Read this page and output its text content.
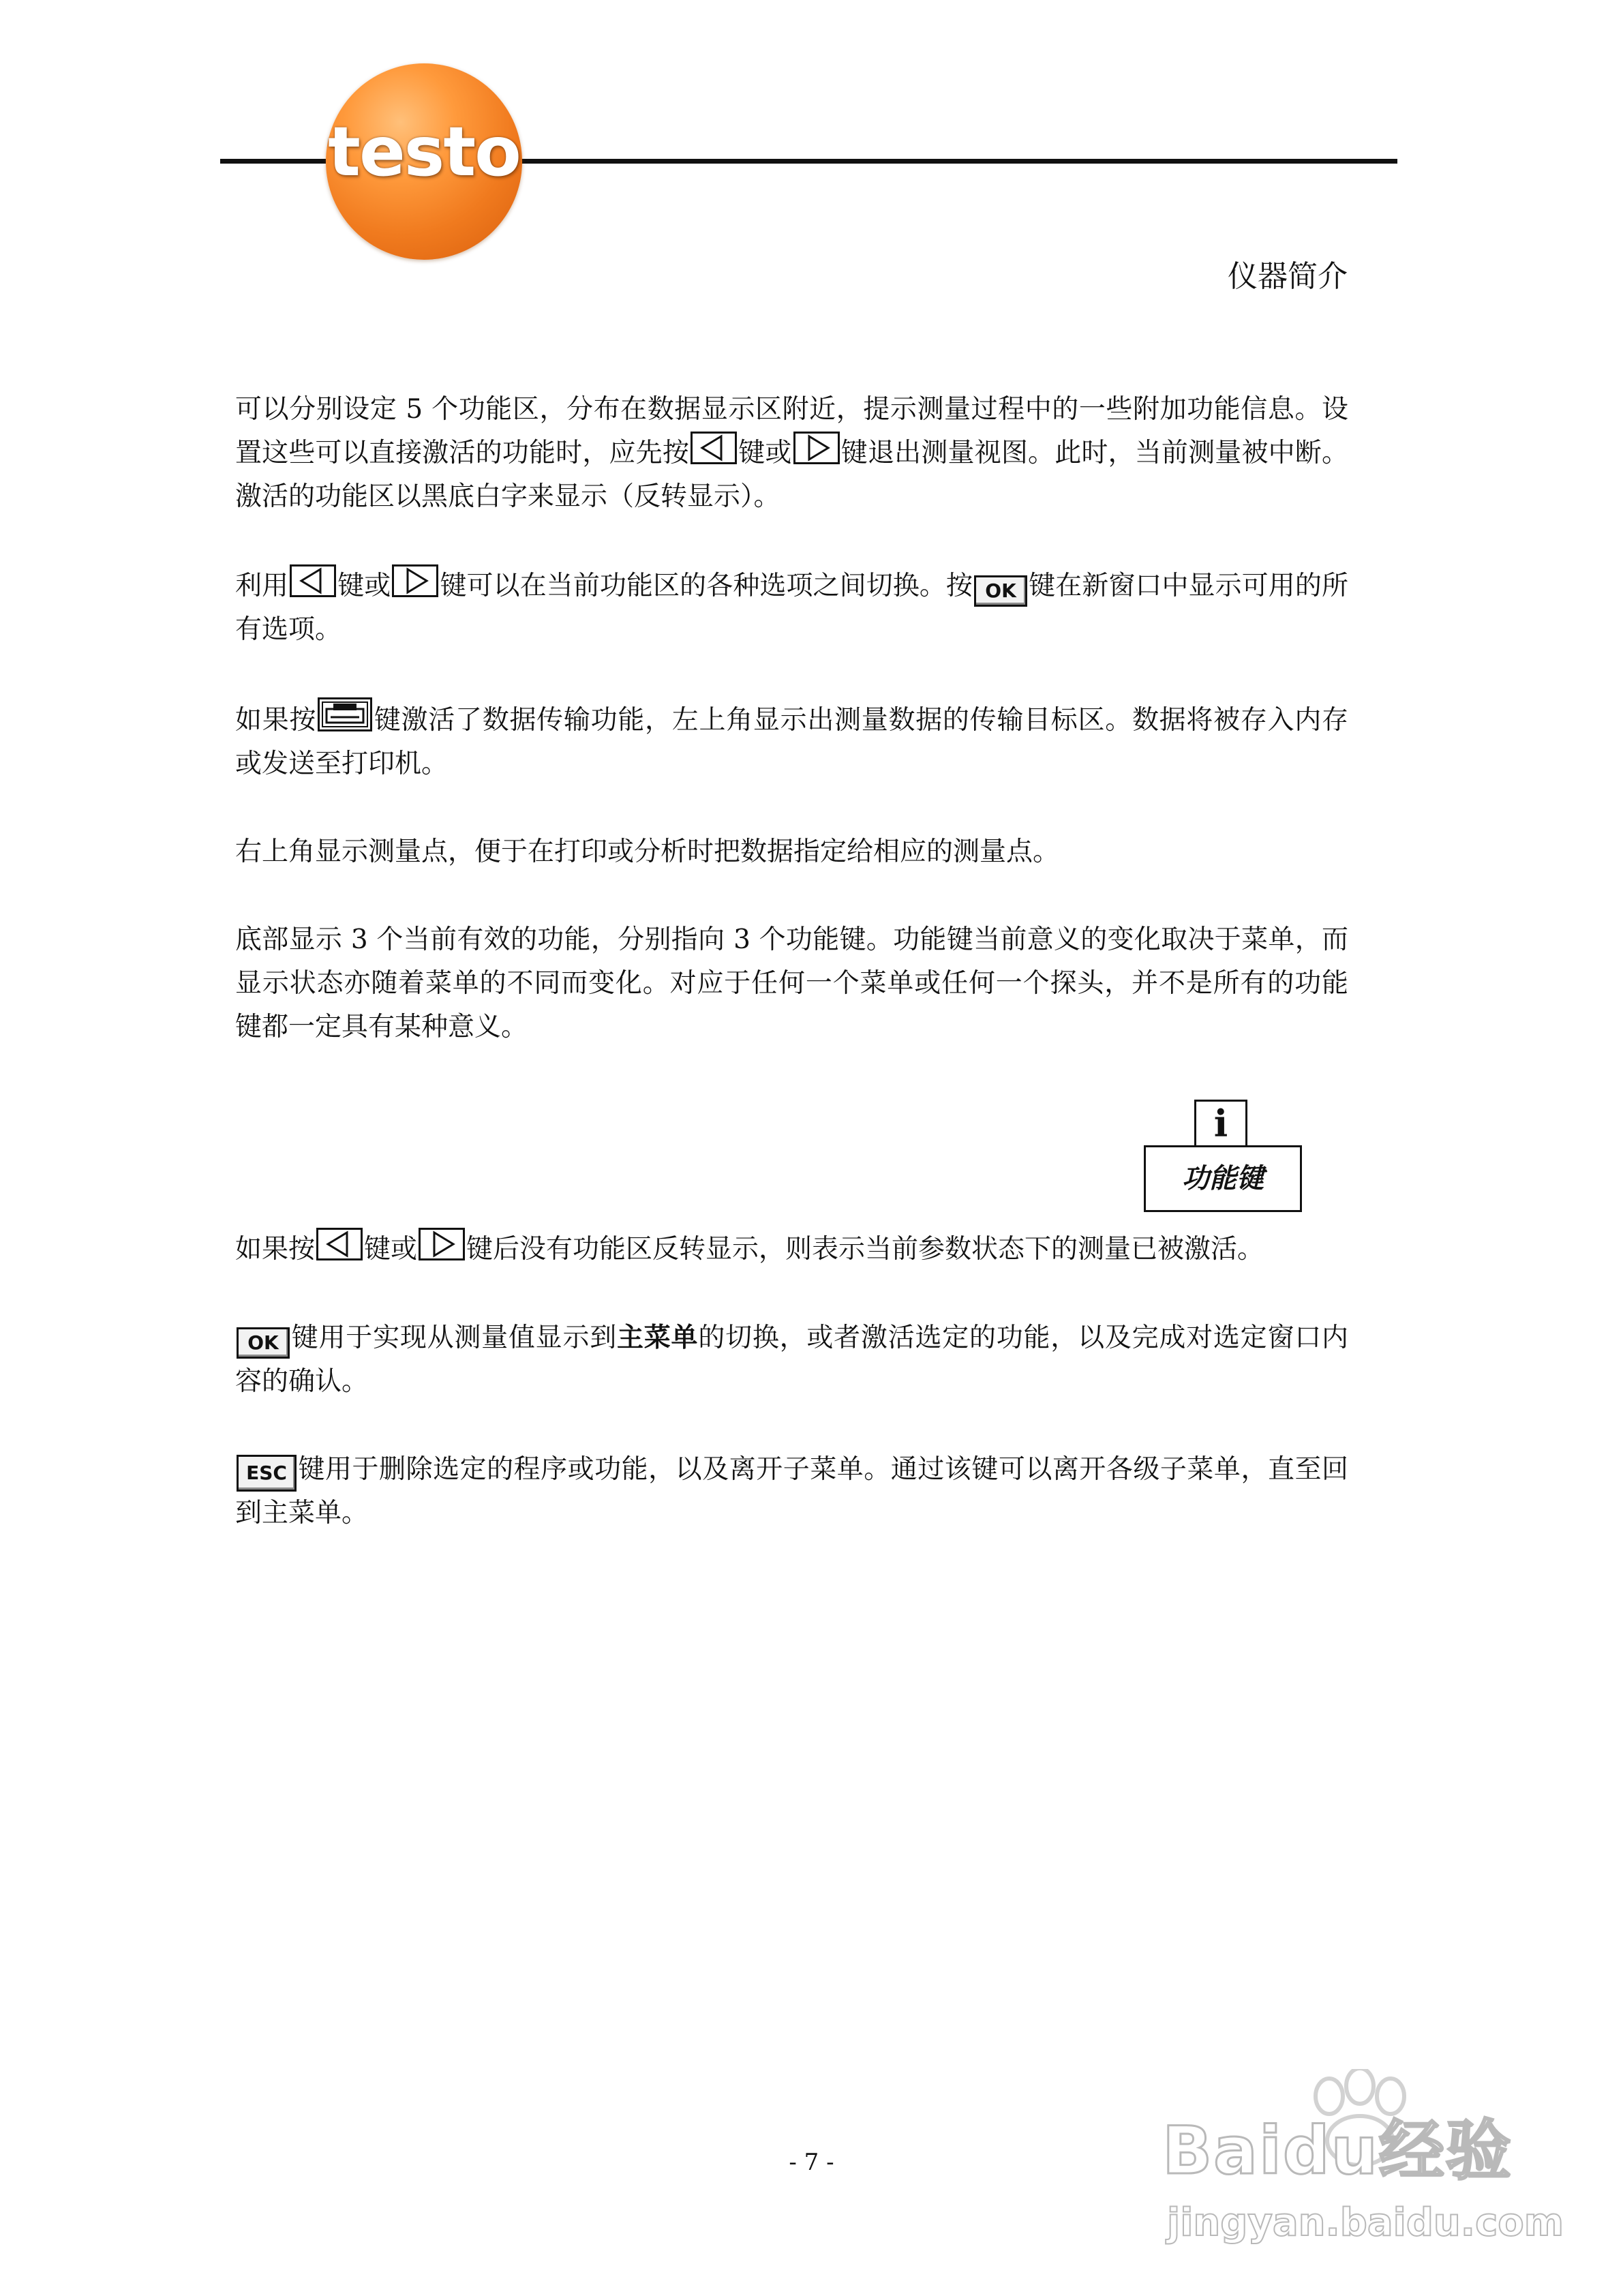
testo
仪器简介
可以分别设定 5 个功能区，分布在数据显示区附近，提示测量过程中的一些附加功能信息。设置这些可以直接激活的功能时，应先按 键或 键退出测量视图。此时，当前测量被中断。激活的功能区以黑底白字来显示（反转显示）。
利用 键或 键可以在当前功能区的各种选项之间切换。按 OK 键在新窗口中显示可用的所有选项。
如果按 键激活了数据传输功能，左上角显示出测量数据的传输目标区。数据将被存入内存或发送至打印机。
右上角显示测量点，便于在打印或分析时把数据指定给相应的测量点。
底部显示 3 个当前有效的功能，分别指向 3 个功能键。功能键当前意义的变化取决于菜单，而显示状态亦随着菜单的不同而变化。对应于任何一个菜单或任何一个探头，并不是所有的功能键都一定具有某种意义。
i
功能键
如果按 键或 键后没有功能区反转显示，则表示当前参数状态下的测量已被激活。
OK 键用于实现从测量值显示到主菜单的切换，或者激活选定的功能，以及完成对选定窗口内容的确认。
ESC 键用于删除选定的程序或功能，以及离开子菜单。通过该键可以离开各级子菜单，直至回到主菜单。
- 7 -	Baidu经验
jingyan.baidu.com
